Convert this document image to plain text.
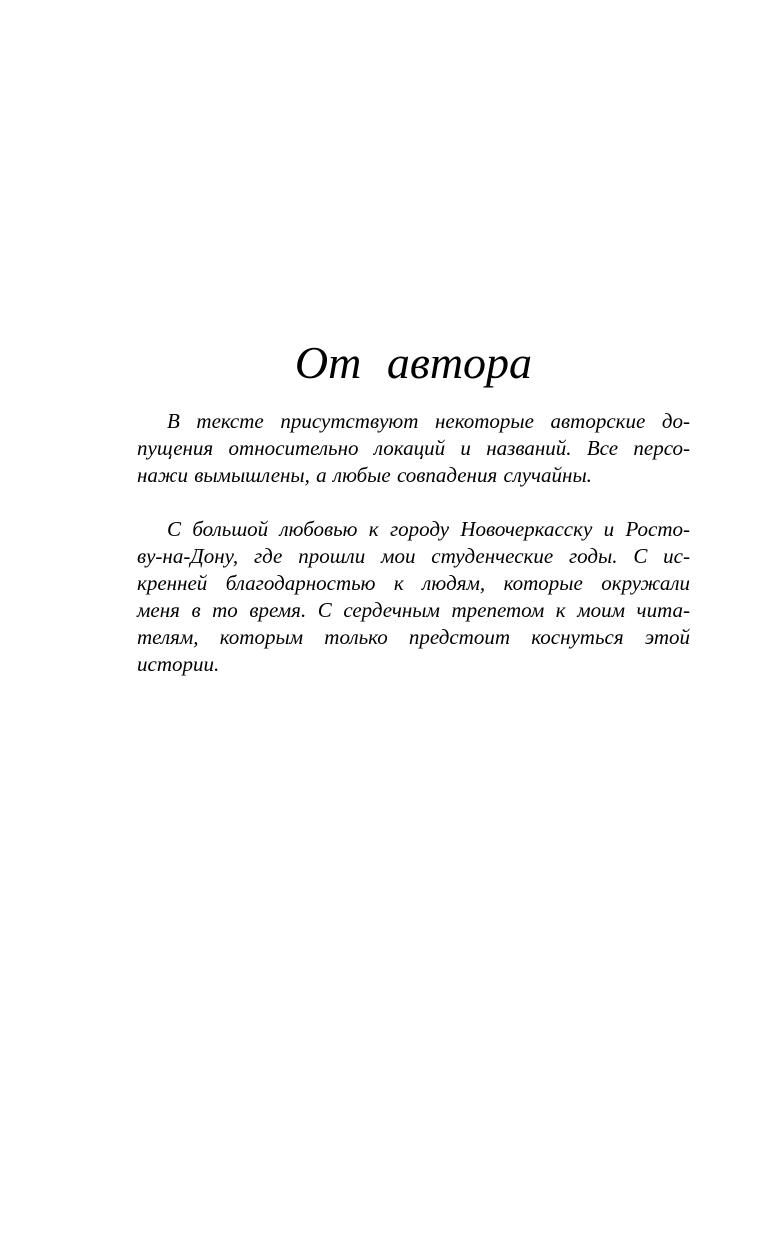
От автора
В тексте присутствуют некоторые авторские до-
пущения относительно локаций и названий. Все персо-
нажи вымышлены, а любые совпадения случайны.
С большой любовью к городу Новочеркасску и Росто-
ву-на-Дону, где прошли мои студенческие годы. С ис-
кренней благодарностью к людям, которые окружали
меня в то время. С сердечным трепетом к моим чита-
телям, которым только предстоит коснуться этой
истории.
